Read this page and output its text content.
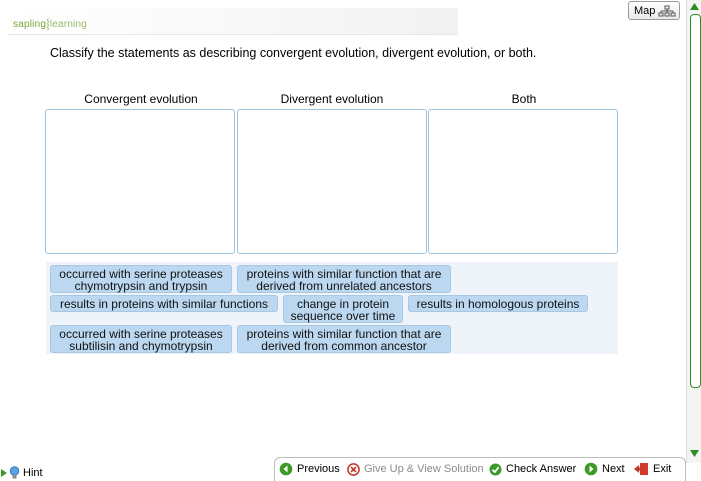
sapling⸾learning
Map
Classify the statements as describing convergent evolution, divergent evolution, or both.
Convergent evolution	Divergent evolution	Both
occurred with serine proteases
chymotrypsin and trypsin
proteins with similar function that are
derived from unrelated ancestors
results in proteins with similar functions	change in protein
sequence over time
results in homologous proteins
occurred with serine proteases
subtilisin and chymotrypsin
proteins with similar function that are
derived from common ancestor
Previous Give Up & View Solution Check Answer Next	Exit
Hint
